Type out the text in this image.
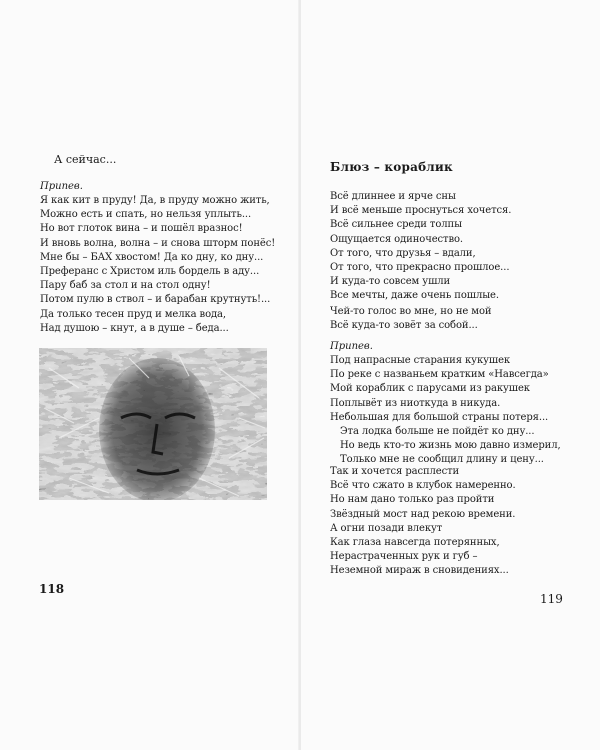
А сейчас...
Припев.
Я как кит в пруду! Да, в пруду можно жить,
Можно есть и спать, но нельзя уплыть...
Но вот глоток вина – и пошёл вразнос!
И вновь волна, волна – и снова шторм понёс!
Мне бы – БАХ хвостом! Да ко дну, ко дну...
Преферанс с Христом иль бордель в аду...
Пару баб за стол и на стол одну!
Потом пулю в ствол – и барабан крутнуть!...
Да только тесен пруд и мелка вода,
Над душою – кнут, а в душе – беда...
118
Блюз – кораблик
Всё длиннее и ярче сны
И всё меньше проснуться хочется.
Всё сильнее среди толпы
Ощущается одиночество.
От того, что друзья – вдали,
От того, что прекрасно прошлое...
И куда-то совсем ушли
Все мечты, даже очень пошлые.
Чей-то голос во мне, но не мой
Всё куда-то зовёт за собой...
Припев.
Под напрасные старания кукушек
По реке с названьем кратким «Навсегда»
Мой кораблик с парусами из ракушек
Поплывёт из ниоткуда в никуда.
Небольшая для большой страны потеря...
Эта лодка больше не пойдёт ко дну...
Но ведь кто-то жизнь мою давно измерил,
Только мне не сообщил длину и цену...
Так и хочется расплести
Всё что сжато в клубок намеренно.
Но нам дано только раз пройти
Звёздный мост над рекою времени.
А огни позади влекут
Как глаза навсегда потерянных,
Нерастраченных рук и губ –
Неземной мираж в сновидениях...
119
